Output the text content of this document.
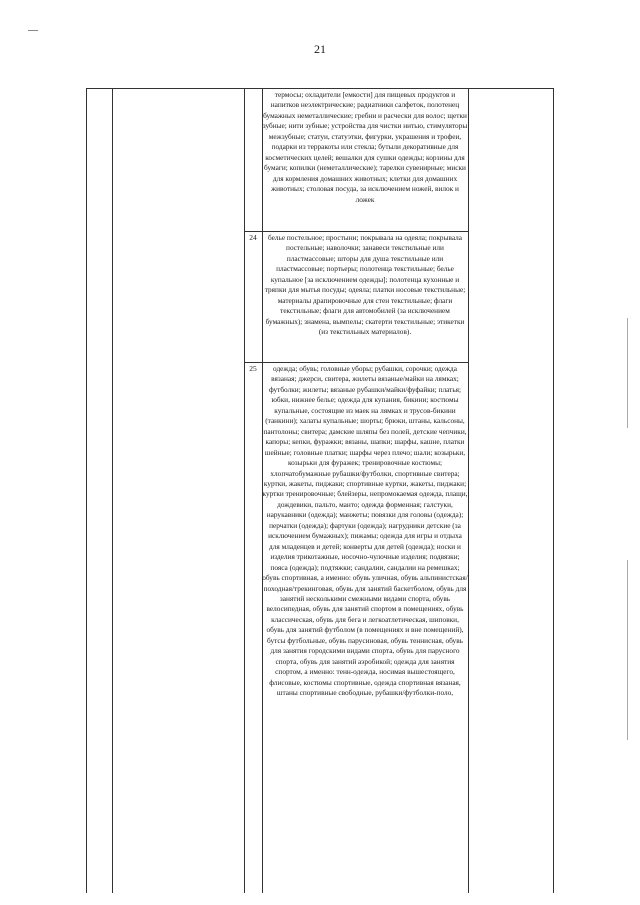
21
термосы; охладители [емкости] для пищевых продуктов и напитков неэлектрические; радиатники салфеток, полотенец бумажных неметаллические; гребни и расчески для волос; щетки зубные; нити зубные; устройства для чистки нитью, стимуляторы межзубные; статуи, статуэтки, фигурки, украшения и трофеи, подарки из терракоты или стекла; бутыли декоративные для косметических целей; вешалки для сушки одежды; корзины для бумаги; копилки (неметаллические); тарелки сувенирные; миски для кормления домашних животных; клетки для домашних животных; столовая посуда, за исключением ножей, вилок и ложек
24	белье постельное; простыни; покрывала на одеяла; покрывала постельные; наволочки; занавеси текстильные или пластмассовые; шторы для душа текстильные или пластмассовые; портьеры; полотенца текстильные; белье купальное [за исключением одежды]; полотенца кухонные и тряпки для мытья посуды; одеяла; платки носовые текстильные; материалы драпировочные для стен текстильные; флаги текстильные; флаги для автомобилей (за исключением бумажных); знамена, вымпелы; скатерти текстильные; этикетки (из текстильных материалов).
25	одежда; обувь; головные уборы; рубашки, сорочки; одежда вязаная; джерси, свитера, жилеты вязаные/майки на лямках; футболки; жилеты; вязаные рубашки/майки/фуфайки; платья; юбки, нижнее белье; одежда для купания, бикини; костюмы купальные, состоящие из маек на лямках и трусов-бикини (танкини); халаты купальные; шорты; брюки, штаны, кальсоны, пантолоны; свитера; дамские шляпы без полей, детские чепчики, капоры; кепки, фуражки; вязаны, шапки; шарфы, кашне, платки шейные; головные платки; шарфы через плечо; шали; козырьки, козырьки для фуражек; тренировочные костюмы; хлопчатобумажные рубашки/футболки, спортивные свитера; куртки, жакеты, пиджаки; спортивные куртки, жакеты, пиджаки; куртки тренировочные; блейзеры, непромокаемая одежда, плащи, дождевики, пальто, манто; одежда форменная; галстуки, нарукавники (одежда); манжеты; повязки для головы (одежда); перчатки (одежда); фартуки (одежда); нагрудники детские (за исключением бумажных); пижамы; одежда для игры и отдыха для младенцев и детей; конверты для детей (одежда); носки и изделия трикотажные, носочно-чулочные изделия; подвязки; пояса (одежда); подтяжки; сандалии, сандалии на ремешках; обувь спортивная, а именно: обувь уличная, обувь альпинистская/походная/трекинговая, обувь для занятий баскетболом, обувь для занятий несколькими смежными видами спорта, обувь велосипедная, обувь для занятий спортом в помещениях, обувь классическая, обувь для бега и легкоатлетическая, шиповки, обувь для занятий футболом (в помещениях и вне помещений), бутсы футбольные, обувь парусиновая, обувь теннисная, обувь для занятия городскими видами спорта, обувь для парусного спорта, обувь для занятий аэробикой; одежда для занятия спортом, а именно: тенн-одежда, носимая вышестоящего, флисовые, костюмы спортивные, одежда спортивная вязаная, штаны спортивные свободные, рубашки/футболки-поло,
